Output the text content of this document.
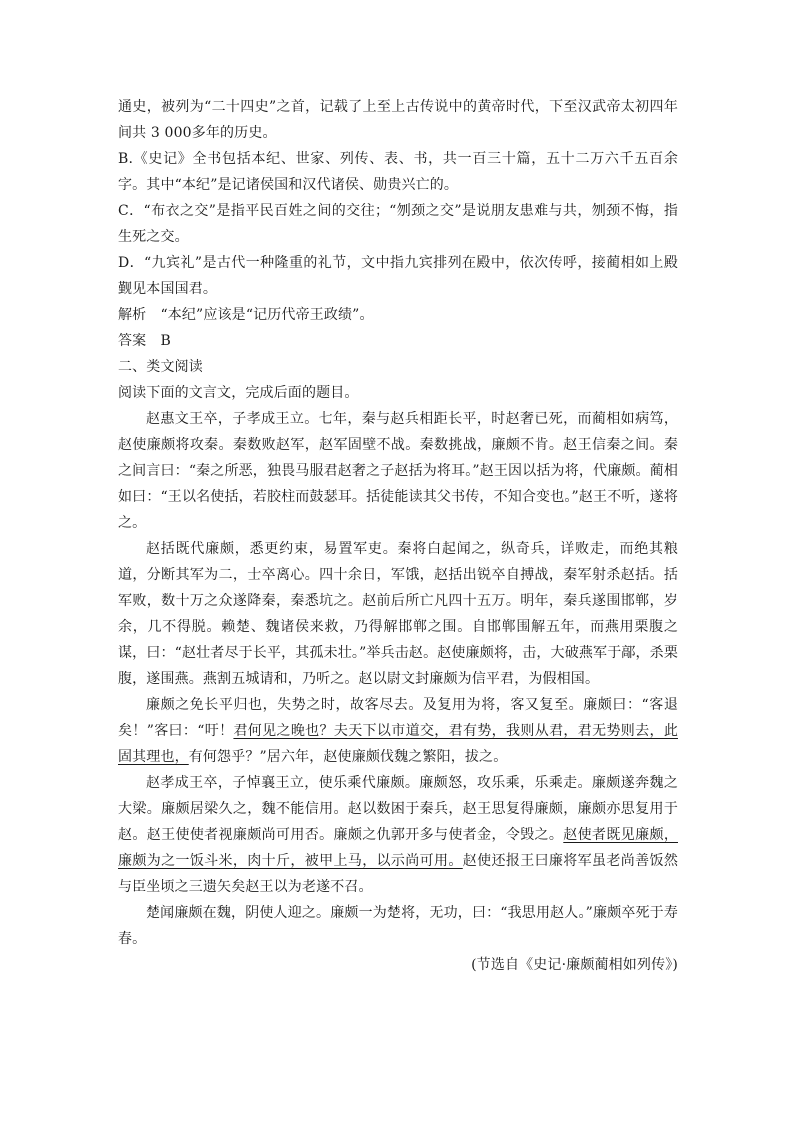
通史，被列为“二十四史”之首，记载了上至上古传说中的黄帝时代，下至汉武帝太初四年间共 3 000多年的历史。

B.《史记》全书包括本纪、世家、列传、表、书，共一百三十篇，五十二万六千五百余字。其中“本纪”是记诸侯国和汉代诸侯、勋贵兴亡的。

C．“布衣之交”是指平民百姓之间的交往；“刎颈之交”是说朋友患难与共，刎颈不悔，指生死之交。

D．“九宾礼”是古代一种隆重的礼节，文中指九宾排列在殿中，依次传呼，接蔺相如上殿觐见本国国君。

解析　“本纪”应该是“记历代帝王政绩”。

答案　B

二、类文阅读

阅读下面的文言文，完成后面的题目。

赵惠文王卒，子孝成王立。七年，秦与赵兵相距长平，时赵奢已死，而蔺相如病笃，赵使廉颇将攻秦。秦数败赵军，赵军固壁不战。秦数挑战，廉颇不肯。赵王信秦之间。秦之间言曰：“秦之所恶，独畏马服君赵奢之子赵括为将耳。”赵王因以括为将，代廉颇。蔺相如曰：“王以名使括，若胶柱而鼓瑟耳。括徒能读其父书传，不知合变也。”赵王不听，遂将之。

赵括既代廉颇，悉更约束，易置军吏。秦将白起闻之，纵奇兵，详败走，而绝其粮道，分断其军为二，士卒离心。四十余日，军饿，赵括出锐卒自搏战，秦军射杀赵括。括军败，数十万之众遂降秦，秦悉坑之。赵前后所亡凡四十五万。明年，秦兵遂围邯郸，岁余，几不得脱。赖楚、魏诸侯来救，乃得解邯郸之围。自邯郸围解五年，而燕用栗腹之谋，曰：“赵壮者尽于长平，其孤未壮。”举兵击赵。赵使廉颇将，击，大破燕军于鄗，杀栗腹，遂围燕。燕割五城请和，乃听之。赵以尉文封廉颇为信平君，为假相国。

廉颇之免长平归也，失势之时，故客尽去。及复用为将，客又复至。廉颇曰：“客退矣！”客曰：“吁！君何见之晚也？夫天下以市道交，君有势，我则从君，君无势则去，此固其理也，有何怨乎？”居六年，赵使廉颇伐魏之繁阳，拔之。

赵孝成王卒，子悼襄王立，使乐乘代廉颇。廉颇怒，攻乐乘，乐乘走。廉颇遂奔魏之大梁。廉颇居梁久之，魏不能信用。赵以数困于秦兵，赵王思复得廉颇，廉颇亦思复用于赵。赵王使使者视廉颇尚可用否。廉颇之仇郭开多与使者金，令毁之。赵使者既见廉颇，廉颇为之一饭斗米，肉十斤，被甲上马，以示尚可用。赵使还报王曰廉将军虽老尚善饭然与臣坐顷之三遗矢矣赵王以为老遂不召。

楚闻廉颇在魏，阴使人迎之。廉颇一为楚将，无功，曰：“我思用赵人。”廉颇卒死于寿春。

(节选自《史记·廉颇蔺相如列传》)
